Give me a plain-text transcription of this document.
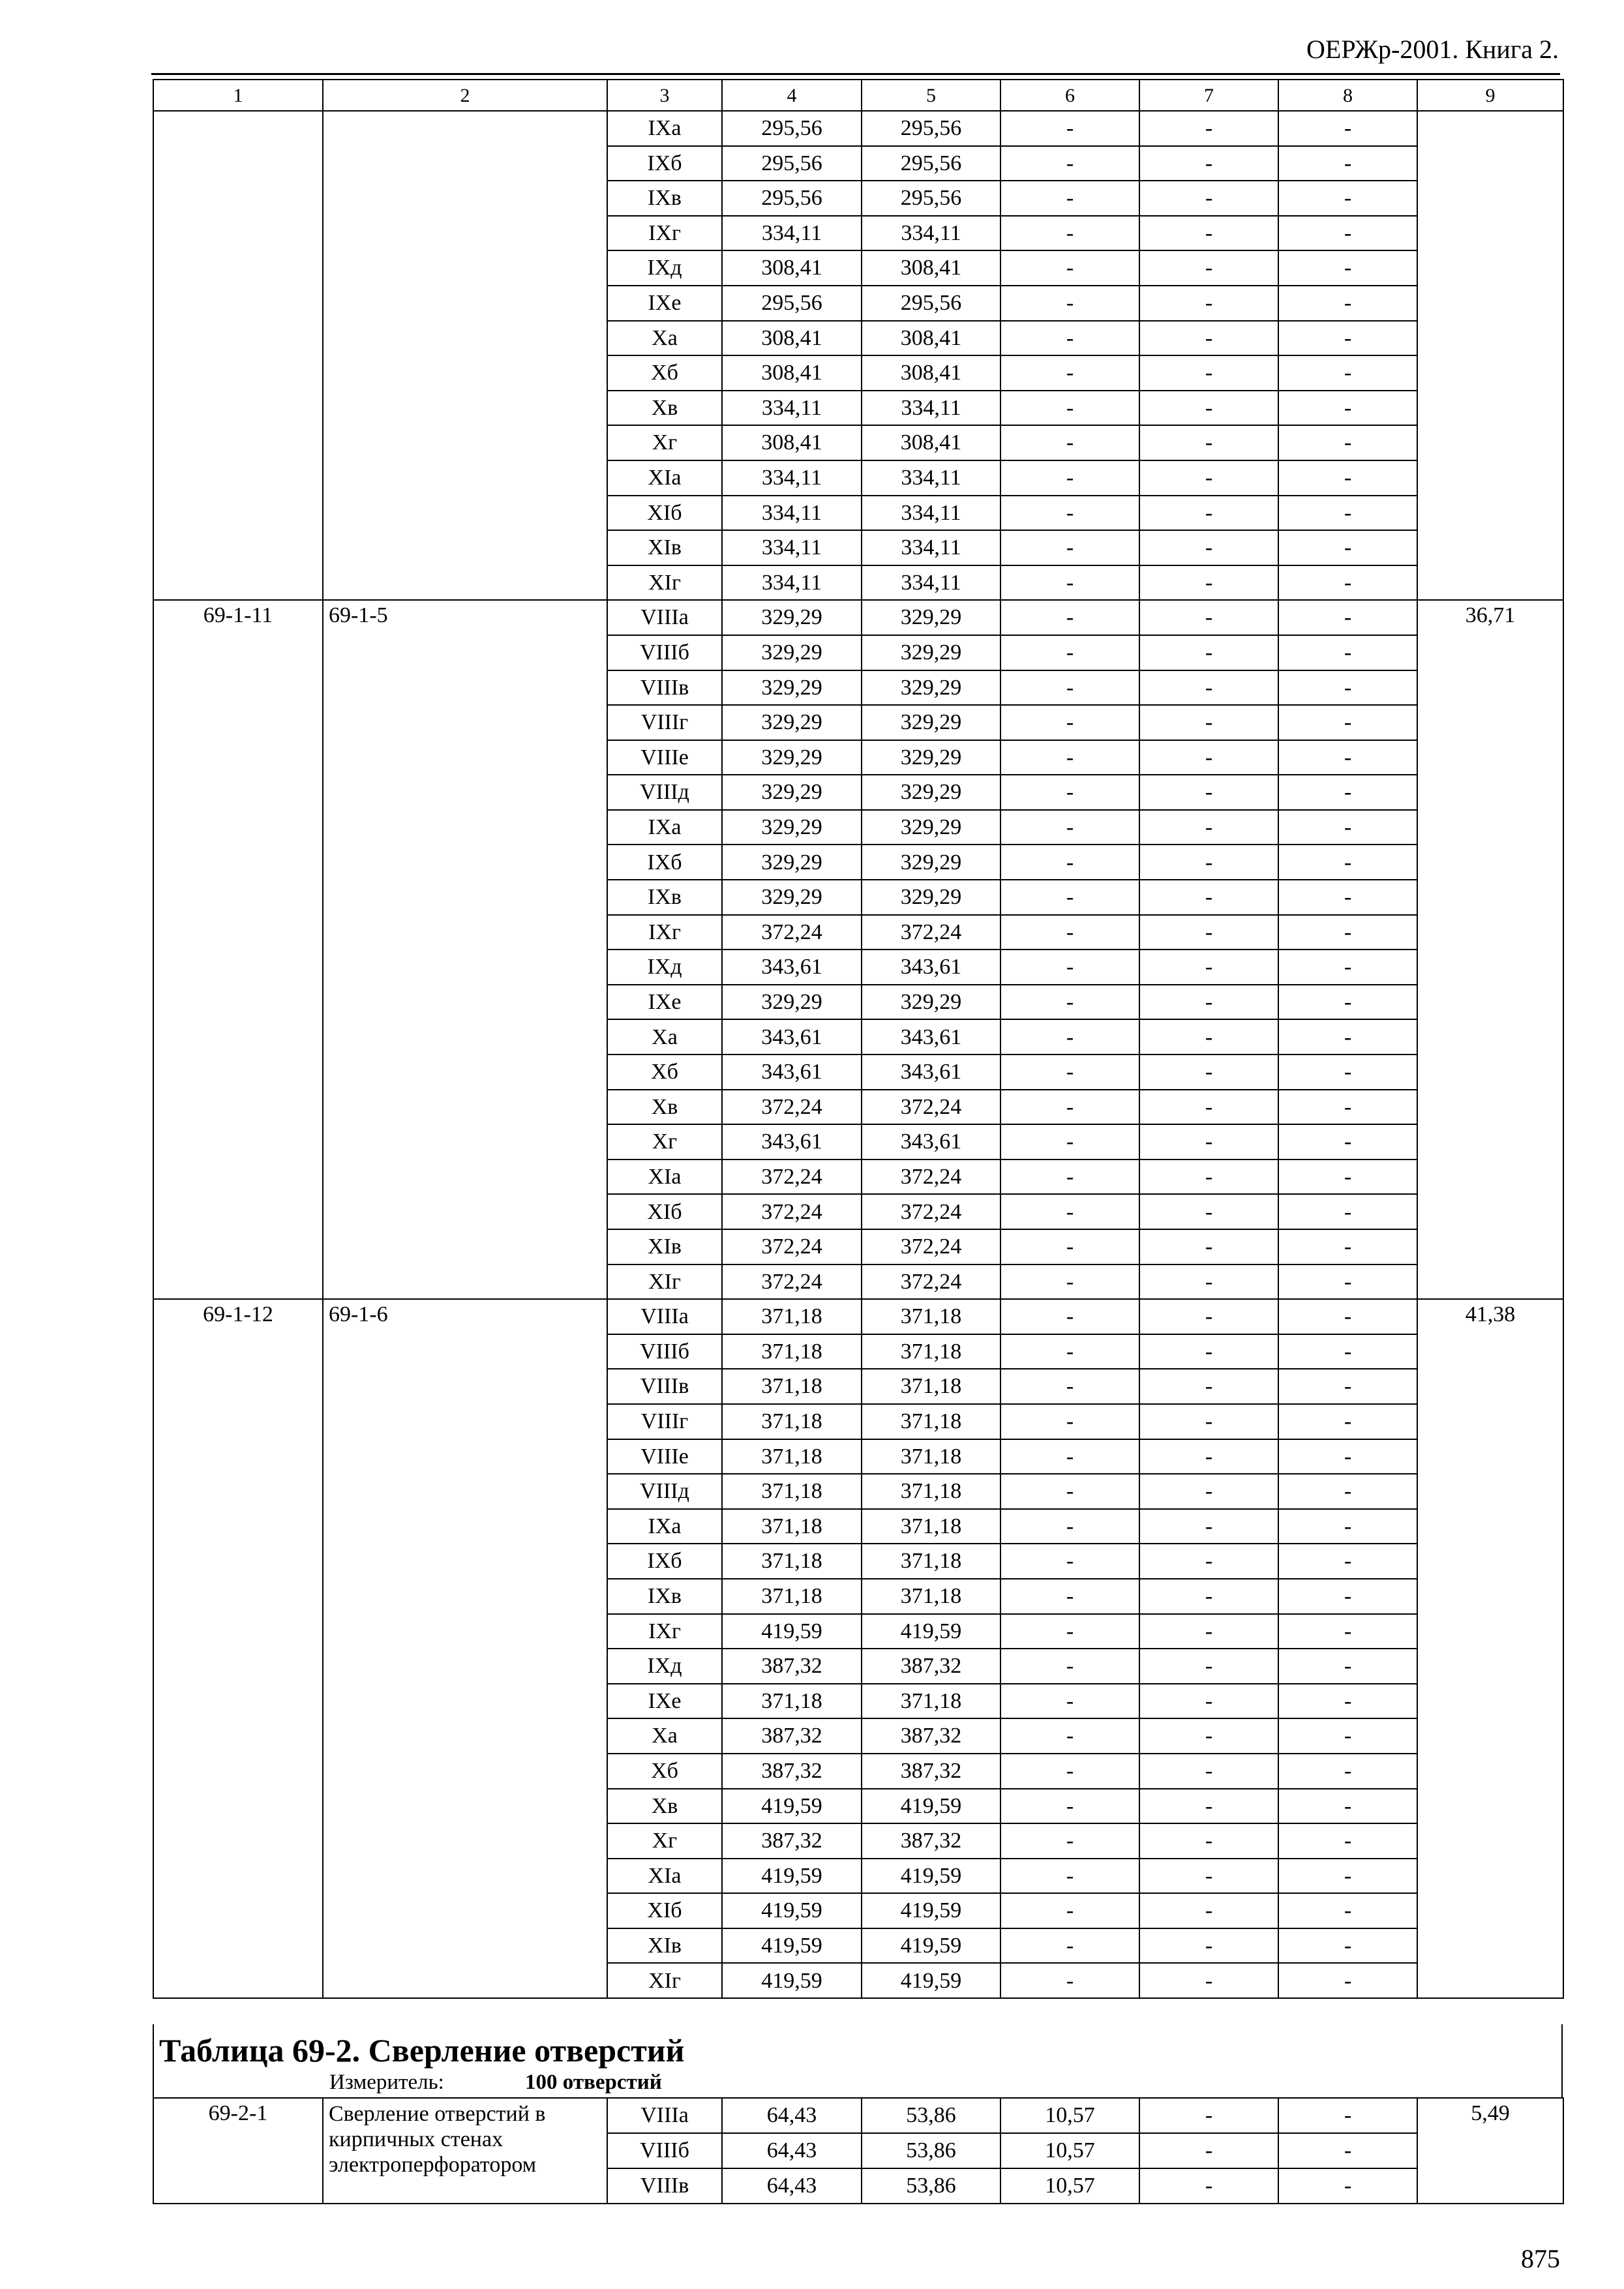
ОЕРЖр-2001. Книга 2.
1	2	3	4	5	6	7	8	9
		IXa	295,56	295,56	-	-	-	
		IXб	295,56	295,56	-	-	-	
		IXв	295,56	295,56	-	-	-	
		IXг	334,11	334,11	-	-	-	
		IXд	308,41	308,41	-	-	-	
		IXe	295,56	295,56	-	-	-	
		Xa	308,41	308,41	-	-	-	
		Xб	308,41	308,41	-	-	-	
		Xв	334,11	334,11	-	-	-	
		Xг	308,41	308,41	-	-	-	
		XIa	334,11	334,11	-	-	-	
		XIб	334,11	334,11	-	-	-	
		XIв	334,11	334,11	-	-	-	
		XIг	334,11	334,11	-	-	-	
69-1-11	69-1-5	VIIIa	329,29	329,29	-	-	-	36,71
		VIIIб	329,29	329,29	-	-	-	
		VIIIв	329,29	329,29	-	-	-	
		VIIIг	329,29	329,29	-	-	-	
		VIIIe	329,29	329,29	-	-	-	
		VIIIд	329,29	329,29	-	-	-	
		IXa	329,29	329,29	-	-	-	
		IXб	329,29	329,29	-	-	-	
		IXв	329,29	329,29	-	-	-	
		IXг	372,24	372,24	-	-	-	
		IXд	343,61	343,61	-	-	-	
		IXe	329,29	329,29	-	-	-	
		Xa	343,61	343,61	-	-	-	
		Xб	343,61	343,61	-	-	-	
		Xв	372,24	372,24	-	-	-	
		Xг	343,61	343,61	-	-	-	
		XIa	372,24	372,24	-	-	-	
		XIб	372,24	372,24	-	-	-	
		XIв	372,24	372,24	-	-	-	
		XIг	372,24	372,24	-	-	-	
69-1-12	69-1-6	VIIIa	371,18	371,18	-	-	-	41,38
		VIIIб	371,18	371,18	-	-	-	
		VIIIв	371,18	371,18	-	-	-	
		VIIIг	371,18	371,18	-	-	-	
		VIIIe	371,18	371,18	-	-	-	
		VIIIд	371,18	371,18	-	-	-	
		IXa	371,18	371,18	-	-	-	
		IXб	371,18	371,18	-	-	-	
		IXв	371,18	371,18	-	-	-	
		IXг	419,59	419,59	-	-	-	
		IXд	387,32	387,32	-	-	-	
		IXe	371,18	371,18	-	-	-	
		Xa	387,32	387,32	-	-	-	
		Xб	387,32	387,32	-	-	-	
		Xв	419,59	419,59	-	-	-	
		Xг	387,32	387,32	-	-	-	
		XIa	419,59	419,59	-	-	-	
		XIб	419,59	419,59	-	-	-	
		XIв	419,59	419,59	-	-	-	
		XIг	419,59	419,59	-	-	-	
Таблица 69-2. Сверление отверстий
Измеритель:	100 отверстий
69-2-1	Сверление отверстий в кирпичных стенах электроперфоратором	VIIIa	64,43	53,86	10,57	-	-	5,49
		VIIIб	64,43	53,86	10,57	-	-	
		VIIIв	64,43	53,86	10,57	-	-	
875
